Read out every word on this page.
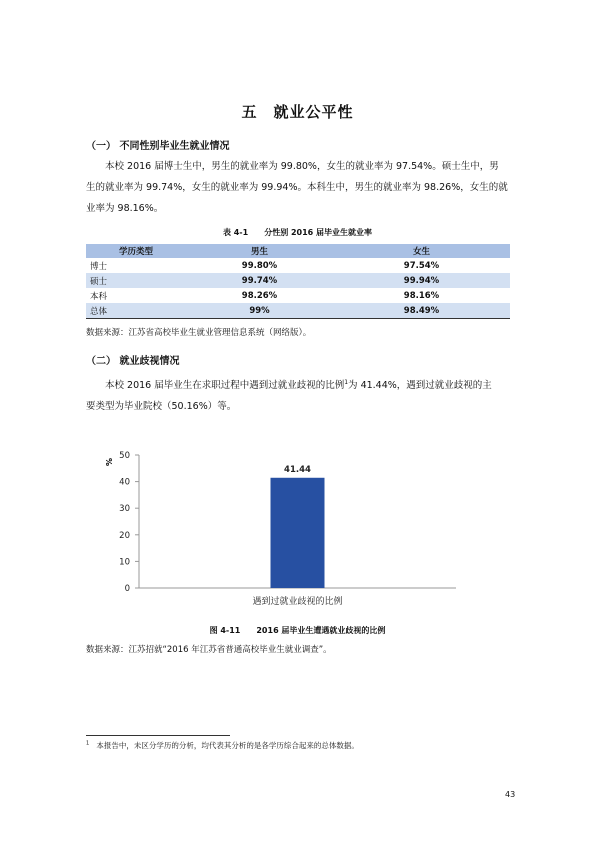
五　就业公平性
（一） 不同性别毕业生就业情况
本校 2016 届博士生中，男生的就业率为 99.80%，女生的就业率为 97.54%。硕士生中，男
生的就业率为 99.74%，女生的就业率为 99.94%。本科生中，男生的就业率为 98.26%，女生的就
业率为 98.16%。
表 4-1　　分性别 2016 届毕业生就业率
学历类型	男生	女生
博士	99.80%	97.54%
硕士	99.74%	99.94%
本科	98.26%	98.16%
总体	99%	98.49%
数据来源：江苏省高校毕业生就业管理信息系统（网络版）。
（二） 就业歧视情况
本校 2016 届毕业生在求职过程中遇到过就业歧视的比例$^1$为 41.44%，遇到过就业歧视的主
要类型为毕业院校（50.16%）等。
0
10
20
30
40
50
41.44
遇到过就业歧视的比例
%
图 4-11　　2016 届毕业生遭遇就业歧视的比例
数据来源：江苏招就“2016 年江苏省普通高校毕业生就业调查”。
$^1$ 本报告中，未区分学历的分析，均代表其分析的是各学历综合起来的总体数据。
43
